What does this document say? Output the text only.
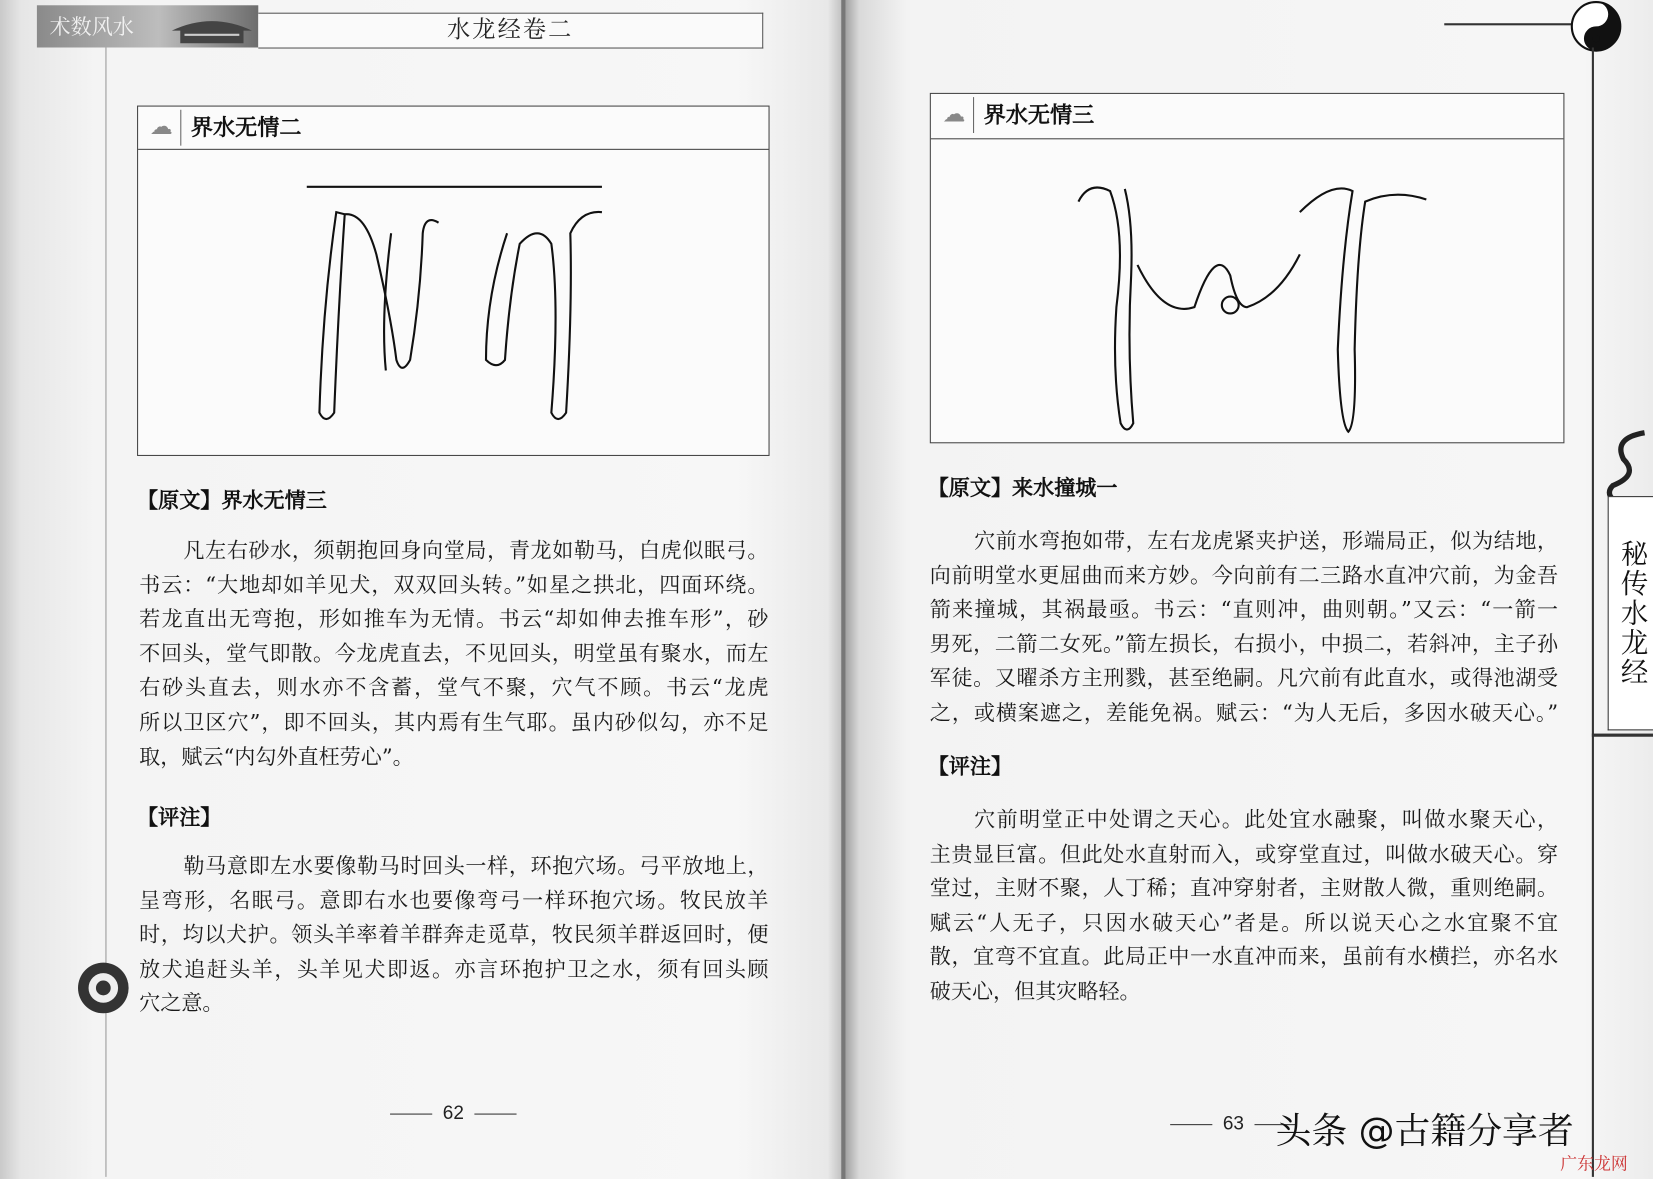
术数风水	水龙经卷二
☁ 界水无情二
【原文】界水无情三
凡左右砂水，须朝抱回身向堂局，青龙如勒马，白虎似眠弓。
书云：“大地却如羊见犬，双双回头转。”如星之拱北，四面环绕。
若龙直出无弯抱，形如推车为无情。书云“却如伸去推车形”，砂
不回头，堂气即散。今龙虎直去，不见回头，明堂虽有聚水，而左
右砂头直去，则水亦不含蓄，堂气不聚，穴气不顾。书云“龙虎
所以卫区穴”，即不回头，其内焉有生气耶。虽内砂似勾，亦不足
取，赋云“内勾外直枉劳心”。
【评注】
勒马意即左水要像勒马时回头一样，环抱穴场。弓平放地上，
呈弯形，名眠弓。意即右水也要像弯弓一样环抱穴场。牧民放羊
时，均以犬护。领头羊率着羊群奔走觅草，牧民须羊群返回时，便
放犬追赶头羊，头羊见犬即返。亦言环抱护卫之水，须有回头顾
穴之意。
62
☁ 界水无情三
【原文】来水撞城一
穴前水弯抱如带，左右龙虎紧夹护送，形端局正，似为结地，
向前明堂水更屈曲而来方妙。今向前有二三路水直冲穴前，为金吾
箭来撞城，其祸最亟。书云：“直则冲，曲则朝。”又云：“一箭一
男死，二箭二女死。”箭左损长，右损小，中损二，若斜冲，主子孙
军徒。又曜杀方主刑戮，甚至绝嗣。凡穴前有此直水，或得池湖受
之，或横案遮之，差能免祸。赋云：“为人无后，多因水破天心。”
【评注】
穴前明堂正中处谓之天心。此处宜水融聚，叫做水聚天心，
主贵显巨富。但此处水直射而入，或穿堂直过，叫做水破天心。穿
堂过，主财不聚，人丁稀；直冲穿射者，主财散人微，重则绝嗣。
赋云“人无子，只因水破天心”者是。所以说天心之水宜聚不宜
散，宜弯不宜直。此局正中一水直冲而来，虽前有水横拦，亦名水
破天心，但其灾略轻。
秘传水龙经
63 头条 @古籍分享者
广东龙网
